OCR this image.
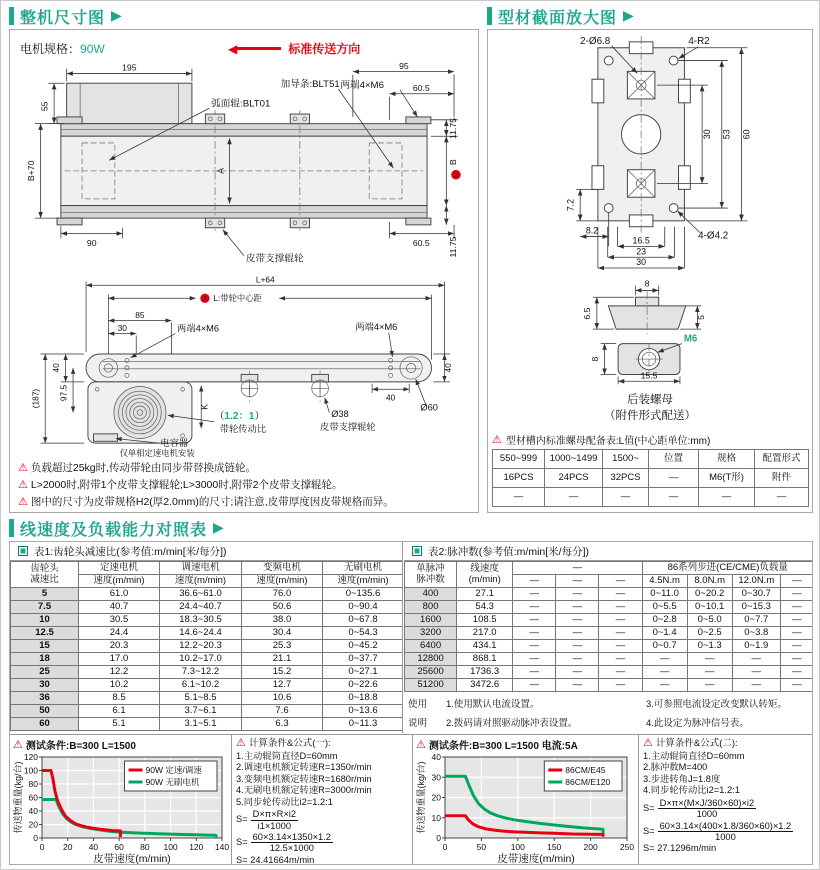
整机尺寸图
▶
电机规格：90W	◀	标准传送方向
195
55
B+70	A
90
95
60.5
11.75
B
2
60.5 11.75
弧面辊:BLT01
加导条:BLT51 两端4×M6
皮带支撑辊轮
L+64
3 L:带轮中心距
85
30	两端4×M6	两端4×M6
(187)
40
97.5
K
（1.2：1）
带轮传动比
电容器
仅单相定速电机安装
Ø38
皮带支撑辊轮
40
40
Ø60
⚠
负载超过25kg时,传动带轮由同步带替换成链轮。
⚠
L>2000时,附带1个皮带支撑辊轮;L>3000时,附带2个皮带支撑辊轮。
⚠
图中的尺寸为皮带规格H2(厚2.0mm)的尺寸;请注意,皮带厚度因皮带规格而异。
型材截面放大图
▶
30 53 60
7.2
8.2
16.5
23
30
2-Ø6.8	4-R2
4-Ø4.2
8
6.5	5
M6
8
15.5
后装螺母
（附件形式配送）
⚠
型材槽内标准螺母配备表:L值(中心距单位:mm)
550~999	1000~1499	1500~	位置	规格	配置形式
16PCS	24PCS	32PCS	—	M6(T形)	附件
—	—	—	—	—	—
线速度及负载能力对照表
▶
表1:齿轮头减速比(参考值:m/min[米/每分])
齿轮头
减速比	定速电机	调速电机	变频电机	无刷电机
	速度(m/min)	速度(m/min)	速度(m/min)	速度(m/min)
5	61.0	36.6~61.0	76.0	0~135.6
7.5	40.7	24.4~40.7	50.6	0~90.4
10	30.5	18.3~30.5	38.0	0~67.8
12.5	24.4	14.6~24.4	30.4	0~54.3
15	20.3	12.2~20.3	25.3	0~45.2
18	17.0	10.2~17.0	21.1	0~37.7
25	12.2	7.3~12.2	15.2	0~27.1
30	10.2	6.1~10.2	12.7	0~22.6
36	8.5	5.1~8.5	10.6	0~18.8
50	6.1	3.7~6.1	7.6	0~13.6
60	5.1	3.1~5.1	6.3	0~11.3
表2:脉冲数(参考值:m/min[米/每分])
单脉冲
脉冲数	线速度
(m/min)	—			86系列步进(CE/CME)负载量			
		—	—	—	4.5N.m	8.0N.m	12.0N.m	—
400	27.1	—	—	—	0~11.0	0~20.2	0~30.7	—
800	54.3	—	—	—	0~5.5	0~10.1	0~15.3	—
1600	108.5	—	—	—	0~2.8	0~5.0	0~7.7	—
3200	217.0	—	—	—	0~1.4	0~2.5	0~3.8	—
6400	434.1	—	—	—	0~0.7	0~1.3	0~1.9	—
12800	868.1	—	—	—	—	—	—	—
25600	1736.3	—	—	—	—	—	—	—
51200	3472.6	—	—	—	—	—	—	—
使用
说明
1.使用默认电流设置。
2.拨码请对照驱动脉冲表设置。
3.可参照电流设定改变默认转矩。
4.此设定为脉冲信号表。
⚠
测试条件:B=300 L=1500
0 20 40 60 80 100 120 140
0
20
40
60
80
100
120
皮带速度(m/min)
传送物重量(kg/台)	90W 定速/调速
90W 无刷电机
⚠
计算条件&公式(一):
1.主动辊筒直径D=60mm
2.调速电机额定转速R=1350r/min
3.变频电机额定转速R=1680r/min
4.无刷电机额定转速R=3000r/min
5.同步轮传动比i2=1.2:1
$S= \frac{D\times\pi\times R\times i2}{i1\times 1000}$
$S= \frac{60\times 3.14\times 1350\times 1.2}{12.5\times 1000}$
S= 24.41664m/min
⚠
测试条件:B=300 L=1500 电流:5A
0	50	100	150	200	250
0
10
20
30
40
皮带速度(m/min)
传送物重量(kg/台)	86CM/E45
86CM/E120
⚠
计算条件&公式(二):
1.主动辊筒直径D=60mm
2.脉冲数M=400
3.步进转角J=1.8度
4.同步轮传动比i2=1.2:1
$S= \frac{D\times\pi\times(M\times J/360\times 60)\times i2}{1000}$
$S= \frac{60\times 3.14\times(400\times 1.8/360\times 60)\times 1.2}{1000}$
S= 27.1296m/min
